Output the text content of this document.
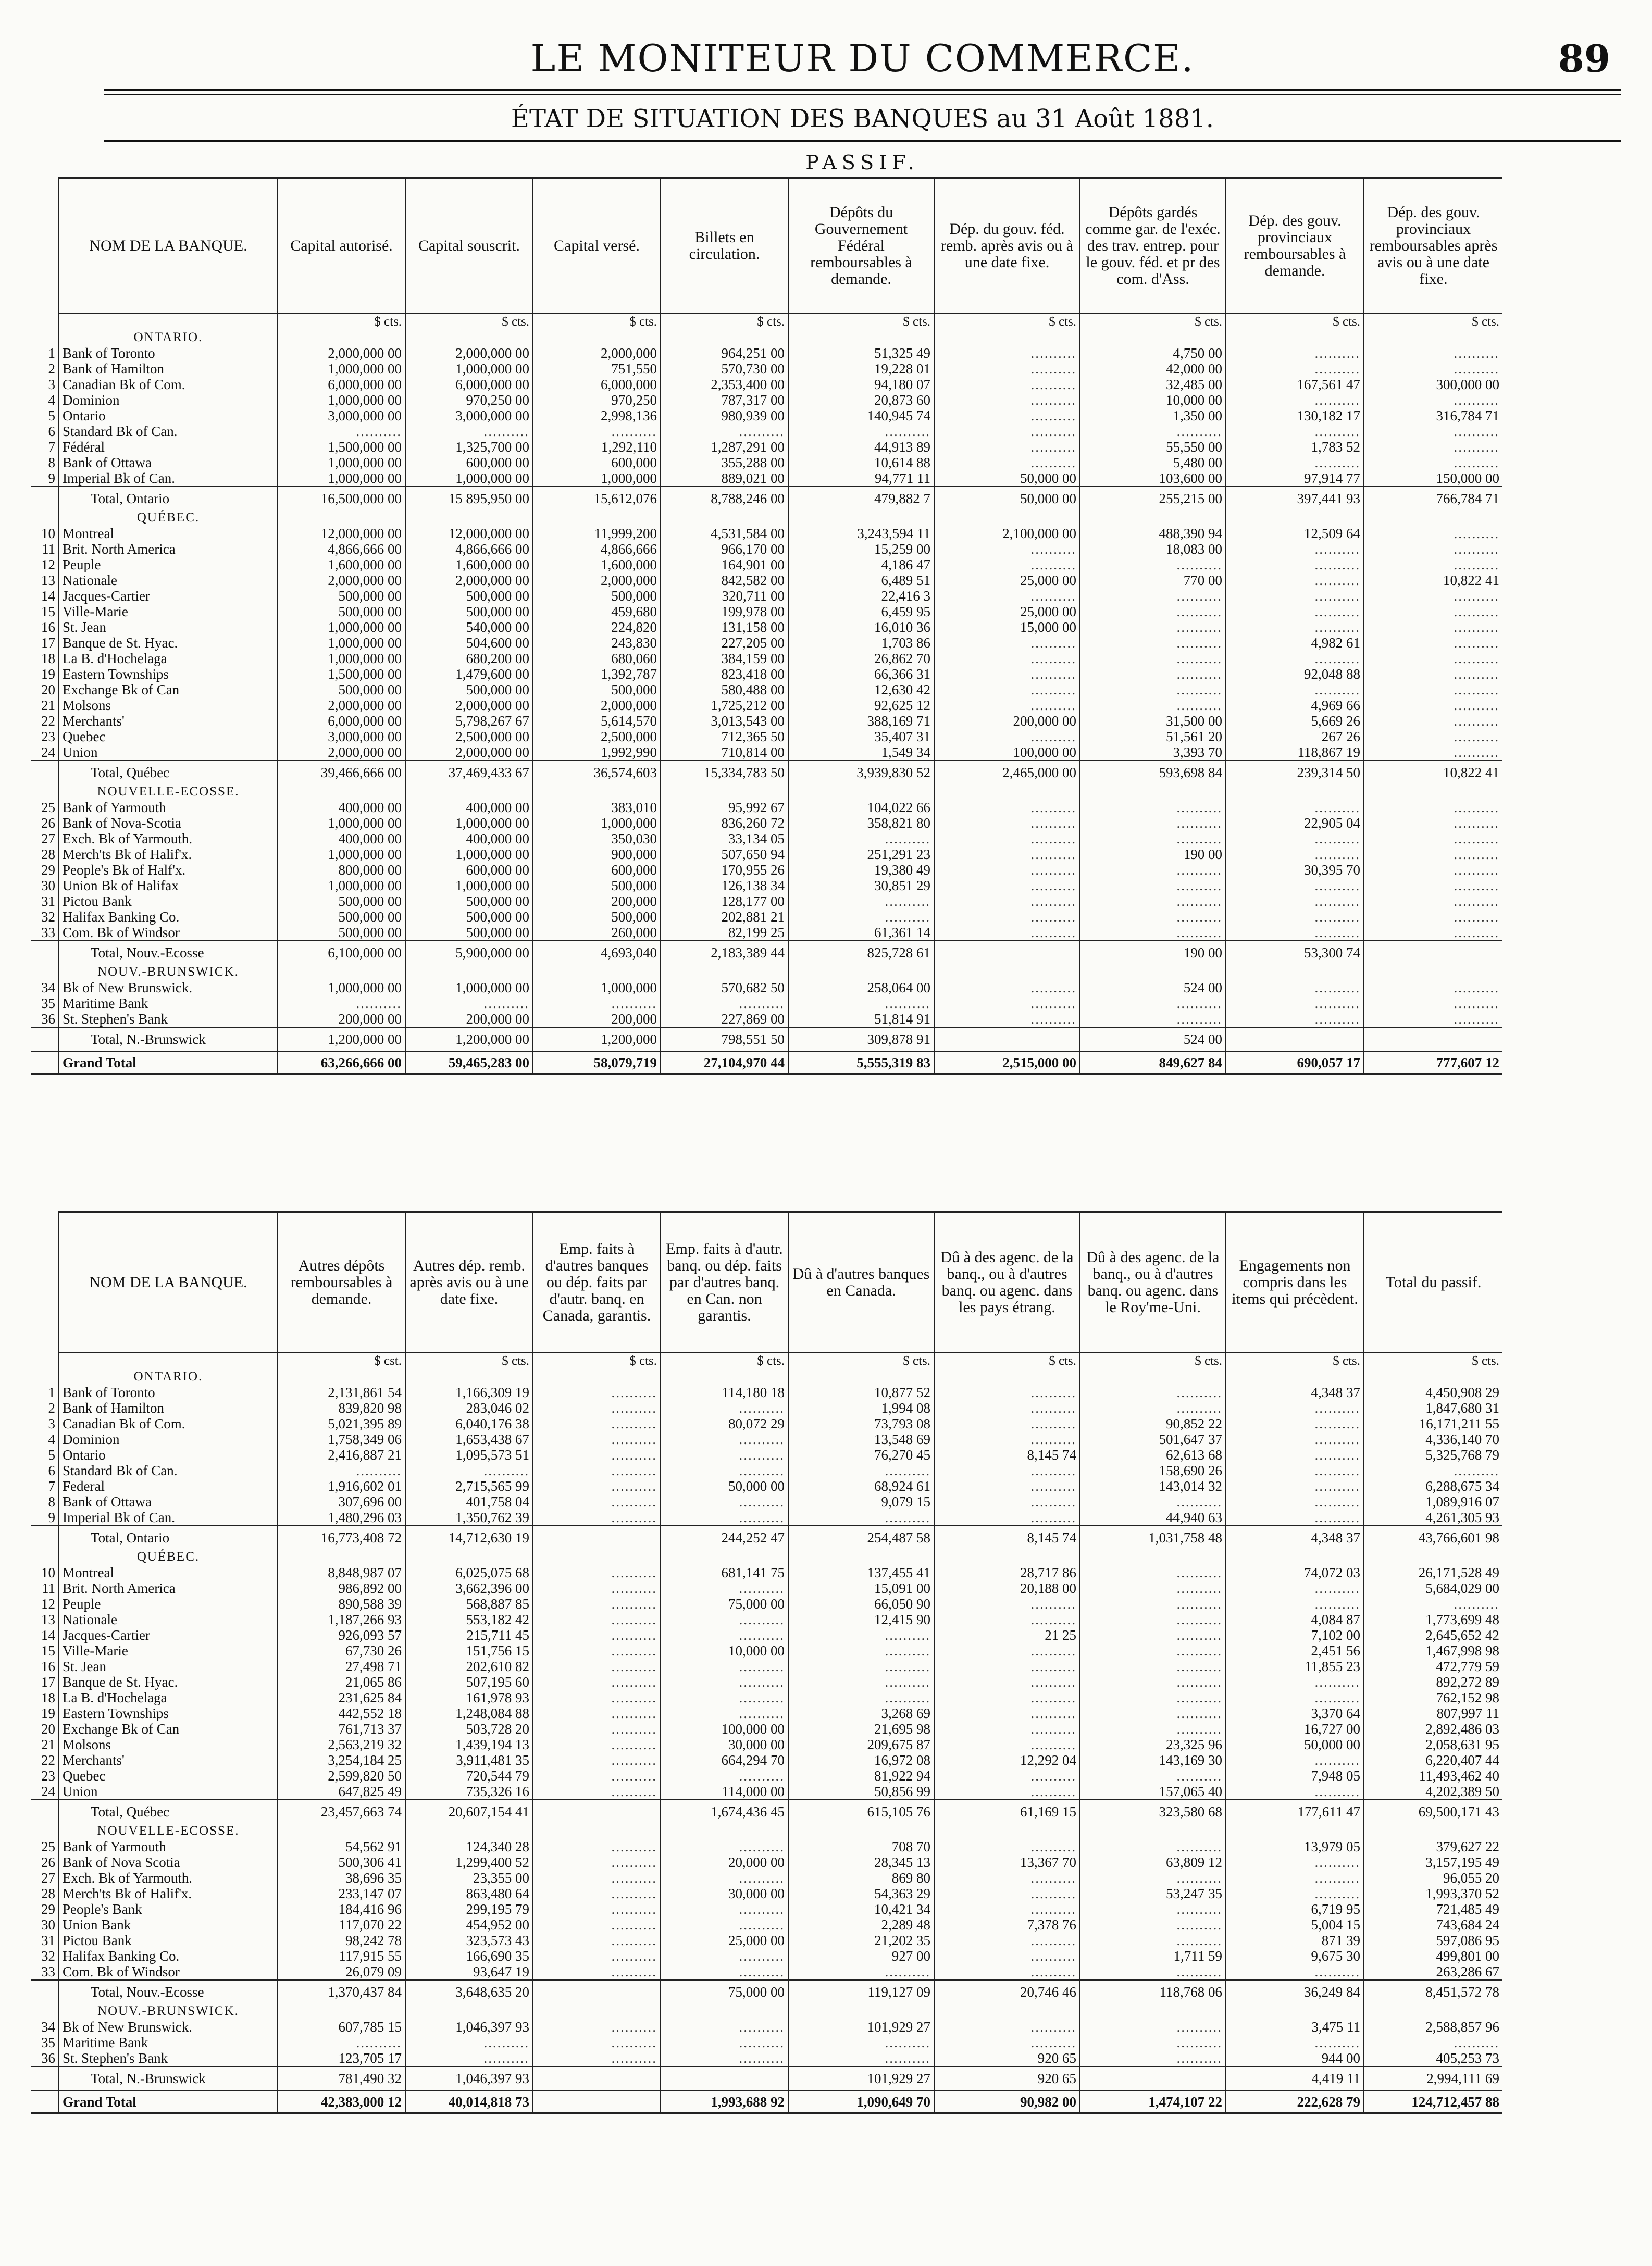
LE MONITEUR DU COMMERCE.	89
ÉTAT DE SITUATION DES BANQUES au 31 Août 1881.
PASSIF.
	NOM DE LA BANQUE.	Capital autorisé.	Capital souscrit.	Capital versé.	Billets en circulation.	Dépôts du Gouvernement Fédéral remboursables à demande.	Dép. du gouv. féd. remb. après avis ou à une date fixe.	Dépôts gardés comme gar. de l'exéc. des trav. entrep. pour le gouv. féd. et pr des com. d'Ass.	Dép. des gouv. provinciaux remboursables à demande.	Dép. des gouv. provinciaux remboursables après avis ou à une date fixe.
		$ cts.	$ cts.	$ cts.	$ cts.	$ cts.	$ cts.	$ cts.	$ cts.	$ cts.
	ONTARIO.									
1	Bank of Toronto	2,000,000 00	2,000,000 00	2,000,000	964,251 00	51,325 49	..........	4,750 00	..........	..........
2	Bank of Hamilton	1,000,000 00	1,000,000 00	751,550	570,730 00	19,228 01	..........	42,000 00	..........	..........
3	Canadian Bk of Com.	6,000,000 00	6,000,000 00	6,000,000	2,353,400 00	94,180 07	..........	32,485 00	167,561 47	300,000 00
4	Dominion	1,000,000 00	970,250 00	970,250	787,317 00	20,873 60	..........	10,000 00	..........	..........
5	Ontario	3,000,000 00	3,000,000 00	2,998,136	980,939 00	140,945 74	..........	1,350 00	130,182 17	316,784 71
6	Standard Bk of Can.	..........	..........	..........	..........	..........	..........	..........	..........	..........
7	Fédéral	1,500,000 00	1,325,700 00	1,292,110	1,287,291 00	44,913 89	..........	55,550 00	1,783 52	..........
8	Bank of Ottawa	1,000,000 00	600,000 00	600,000	355,288 00	10,614 88	..........	5,480 00	..........	..........
9	Imperial Bk of Can.	1,000,000 00	1,000,000 00	1,000,000	889,021 00	94,771 11	50,000 00	103,600 00	97,914 77	150,000 00
	Total, Ontario	16,500,000 00	15 895,950 00	15,612,076	8,788,246 00	479,882 7	50,000 00	255,215 00	397,441 93	766,784 71
	QUÉBEC.									
10	Montreal	12,000,000 00	12,000,000 00	11,999,200	4,531,584 00	3,243,594 11	2,100,000 00	488,390 94	12,509 64	..........
11	Brit. North America	4,866,666 00	4,866,666 00	4,866,666	966,170 00	15,259 00	..........	18,083 00	..........	..........
12	Peuple	1,600,000 00	1,600,000 00	1,600,000	164,901 00	4,186 47	..........	..........	..........	..........
13	Nationale	2,000,000 00	2,000,000 00	2,000,000	842,582 00	6,489 51	25,000 00	770 00	..........	10,822 41
14	Jacques-Cartier	500,000 00	500,000 00	500,000	320,711 00	22,416 3	..........	..........	..........	..........
15	Ville-Marie	500,000 00	500,000 00	459,680	199,978 00	6,459 95	25,000 00	..........	..........	..........
16	St. Jean	1,000,000 00	540,000 00	224,820	131,158 00	16,010 36	15,000 00	..........	..........	..........
17	Banque de St. Hyac.	1,000,000 00	504,600 00	243,830	227,205 00	1,703 86	..........	..........	4,982 61	..........
18	La B. d'Hochelaga	1,000,000 00	680,200 00	680,060	384,159 00	26,862 70	..........	..........	..........	..........
19	Eastern Townships	1,500,000 00	1,479,600 00	1,392,787	823,418 00	66,366 31	..........	..........	92,048 88	..........
20	Exchange Bk of Can	500,000 00	500,000 00	500,000	580,488 00	12,630 42	..........	..........	..........	..........
21	Molsons	2,000,000 00	2,000,000 00	2,000,000	1,725,212 00	92,625 12	..........	..........	4,969 66	..........
22	Merchants'	6,000,000 00	5,798,267 67	5,614,570	3,013,543 00	388,169 71	200,000 00	31,500 00	5,669 26	..........
23	Quebec	3,000,000 00	2,500,000 00	2,500,000	712,365 50	35,407 31	..........	51,561 20	267 26	..........
24	Union	2,000,000 00	2,000,000 00	1,992,990	710,814 00	1,549 34	100,000 00	3,393 70	118,867 19	..........
	Total, Québec	39,466,666 00	37,469,433 67	36,574,603	15,334,783 50	3,939,830 52	2,465,000 00	593,698 84	239,314 50	10,822 41
	NOUVELLE-ECOSSE.									
25	Bank of Yarmouth	400,000 00	400,000 00	383,010	95,992 67	104,022 66	..........	..........	..........	..........
26	Bank of Nova-Scotia	1,000,000 00	1,000,000 00	1,000,000	836,260 72	358,821 80	..........	..........	22,905 04	..........
27	Exch. Bk of Yarmouth.	400,000 00	400,000 00	350,030	33,134 05	..........	..........	..........	..........	..........
28	Merch'ts Bk of Halif'x.	1,000,000 00	1,000,000 00	900,000	507,650 94	251,291 23	..........	190 00	..........	..........
29	People's Bk of Half'x.	800,000 00	600,000 00	600,000	170,955 26	19,380 49	..........	..........	30,395 70	..........
30	Union Bk of Halifax	1,000,000 00	1,000,000 00	500,000	126,138 34	30,851 29	..........	..........	..........	..........
31	Pictou Bank	500,000 00	500,000 00	200,000	128,177 00	..........	..........	..........	..........	..........
32	Halifax Banking Co.	500,000 00	500,000 00	500,000	202,881 21	..........	..........	..........	..........	..........
33	Com. Bk of Windsor	500,000 00	500,000 00	260,000	82,199 25	61,361 14	..........	..........	..........	..........
	Total, Nouv.-Ecosse	6,100,000 00	5,900,000 00	4,693,040	2,183,389 44	825,728 61		190 00	53,300 74	
	NOUV.-BRUNSWICK.									
34	Bk of New Brunswick.	1,000,000 00	1,000,000 00	1,000,000	570,682 50	258,064 00	..........	524 00	..........	..........
35	Maritime Bank	..........	..........	..........	..........	..........	..........	..........	..........	..........
36	St. Stephen's Bank	200,000 00	200,000 00	200,000	227,869 00	51,814 91	..........	..........	..........	..........
	Total, N.-Brunswick	1,200,000 00	1,200,000 00	1,200,000	798,551 50	309,878 91		524 00		
	Grand Total	63,266,666 00	59,465,283 00	58,079,719	27,104,970 44	5,555,319 83	2,515,000 00	849,627 84	690,057 17	777,607 12
	NOM DE LA BANQUE.	Autres dépôts remboursables à demande.	Autres dép. remb. après avis ou à une date fixe.	Emp. faits à d'autres banques ou dép. faits par d'autr. banq. en Canada, garantis.	Emp. faits à d'autr. banq. ou dép. faits par d'autres banq. en Can. non garantis.	Dû à d'autres banques en Canada.	Dû à des agenc. de la banq., ou à d'autres banq. ou agenc. dans les pays étrang.	Dû à des agenc. de la banq., ou à d'autres banq. ou agenc. dans le Roy'me-Uni.	Engagements non compris dans les items qui précèdent.	Total du passif.
		$ cst.	$ cts.	$ cts.	$ cts.	$ cts.	$ cts.	$ cts.	$ cts.	$ cts.
	ONTARIO.									
1	Bank of Toronto	2,131,861 54	1,166,309 19	..........	114,180 18	10,877 52	..........	..........	4,348 37	4,450,908 29
2	Bank of Hamilton	839,820 98	283,046 02	..........	..........	1,994 08	..........	..........	..........	1,847,680 31
3	Canadian Bk of Com.	5,021,395 89	6,040,176 38	..........	80,072 29	73,793 08	..........	90,852 22	..........	16,171,211 55
4	Dominion	1,758,349 06	1,653,438 67	..........	..........	13,548 69	..........	501,647 37	..........	4,336,140 70
5	Ontario	2,416,887 21	1,095,573 51	..........	..........	76,270 45	8,145 74	62,613 68	..........	5,325,768 79
6	Standard Bk of Can.	..........	..........	..........	..........	..........	..........	158,690 26	..........	..........
7	Federal	1,916,602 01	2,715,565 99	..........	50,000 00	68,924 61	..........	143,014 32	..........	6,288,675 34
8	Bank of Ottawa	307,696 00	401,758 04	..........	..........	9,079 15	..........	..........	..........	1,089,916 07
9	Imperial Bk of Can.	1,480,296 03	1,350,762 39	..........	..........	..........	..........	44,940 63	..........	4,261,305 93
	Total, Ontario	16,773,408 72	14,712,630 19		244,252 47	254,487 58	8,145 74	1,031,758 48	4,348 37	43,766,601 98
	QUÉBEC.									
10	Montreal	8,848,987 07	6,025,075 68	..........	681,141 75	137,455 41	28,717 86	..........	74,072 03	26,171,528 49
11	Brit. North America	986,892 00	3,662,396 00	..........	..........	15,091 00	20,188 00	..........	..........	5,684,029 00
12	Peuple	890,588 39	568,887 85	..........	75,000 00	66,050 90	..........	..........	..........	..........
13	Nationale	1,187,266 93	553,182 42	..........	..........	12,415 90	..........	..........	4,084 87	1,773,699 48
14	Jacques-Cartier	926,093 57	215,711 45	..........	..........	..........	21 25	..........	7,102 00	2,645,652 42
15	Ville-Marie	67,730 26	151,756 15	..........	10,000 00	..........	..........	..........	2,451 56	1,467,998 98
16	St. Jean	27,498 71	202,610 82	..........	..........	..........	..........	..........	11,855 23	472,779 59
17	Banque de St. Hyac.	21,065 86	507,195 60	..........	..........	..........	..........	..........	..........	892,272 89
18	La B. d'Hochelaga	231,625 84	161,978 93	..........	..........	..........	..........	..........	..........	762,152 98
19	Eastern Townships	442,552 18	1,248,084 88	..........	..........	3,268 69	..........	..........	3,370 64	807,997 11
20	Exchange Bk of Can	761,713 37	503,728 20	..........	100,000 00	21,695 98	..........	..........	16,727 00	2,892,486 03
21	Molsons	2,563,219 32	1,439,194 13	..........	30,000 00	209,675 87	..........	23,325 96	50,000 00	2,058,631 95
22	Merchants'	3,254,184 25	3,911,481 35	..........	664,294 70	16,972 08	12,292 04	143,169 30	..........	6,220,407 44
23	Quebec	2,599,820 50	720,544 79	..........	..........	81,922 94	..........	..........	7,948 05	11,493,462 40
24	Union	647,825 49	735,326 16	..........	114,000 00	50,856 99	..........	157,065 40	..........	4,202,389 50
	Total, Québec	23,457,663 74	20,607,154 41		1,674,436 45	615,105 76	61,169 15	323,580 68	177,611 47	69,500,171 43
	NOUVELLE-ECOSSE.									
25	Bank of Yarmouth	54,562 91	124,340 28	..........	..........	708 70	..........	..........	13,979 05	379,627 22
26	Bank of Nova Scotia	500,306 41	1,299,400 52	..........	20,000 00	28,345 13	13,367 70	63,809 12	..........	3,157,195 49
27	Exch. Bk of Yarmouth.	38,696 35	23,355 00	..........	..........	869 80	..........	..........	..........	96,055 20
28	Merch'ts Bk of Halif'x.	233,147 07	863,480 64	..........	30,000 00	54,363 29	..........	53,247 35	..........	1,993,370 52
29	People's Bank	184,416 96	299,195 79	..........	..........	10,421 34	..........	..........	6,719 95	721,485 49
30	Union Bank	117,070 22	454,952 00	..........	..........	2,289 48	7,378 76	..........	5,004 15	743,684 24
31	Pictou Bank	98,242 78	323,573 43	..........	25,000 00	21,202 35	..........	..........	871 39	597,086 95
32	Halifax Banking Co.	117,915 55	166,690 35	..........	..........	927 00	..........	1,711 59	9,675 30	499,801 00
33	Com. Bk of Windsor	26,079 09	93,647 19	..........	..........	..........	..........	..........	..........	263,286 67
	Total, Nouv.-Ecosse	1,370,437 84	3,648,635 20		75,000 00	119,127 09	20,746 46	118,768 06	36,249 84	8,451,572 78
	NOUV.-BRUNSWICK.									
34	Bk of New Brunswick.	607,785 15	1,046,397 93	..........	..........	101,929 27	..........	..........	3,475 11	2,588,857 96
35	Maritime Bank	..........	..........	..........	..........	..........	..........	..........	..........	..........
36	St. Stephen's Bank	123,705 17	..........	..........	..........	..........	920 65	..........	944 00	405,253 73
	Total, N.-Brunswick	781,490 32	1,046,397 93			101,929 27	920 65		4,419 11	2,994,111 69
	Grand Total	42,383,000 12	40,014,818 73		1,993,688 92	1,090,649 70	90,982 00	1,474,107 22	222,628 79	124,712,457 88
